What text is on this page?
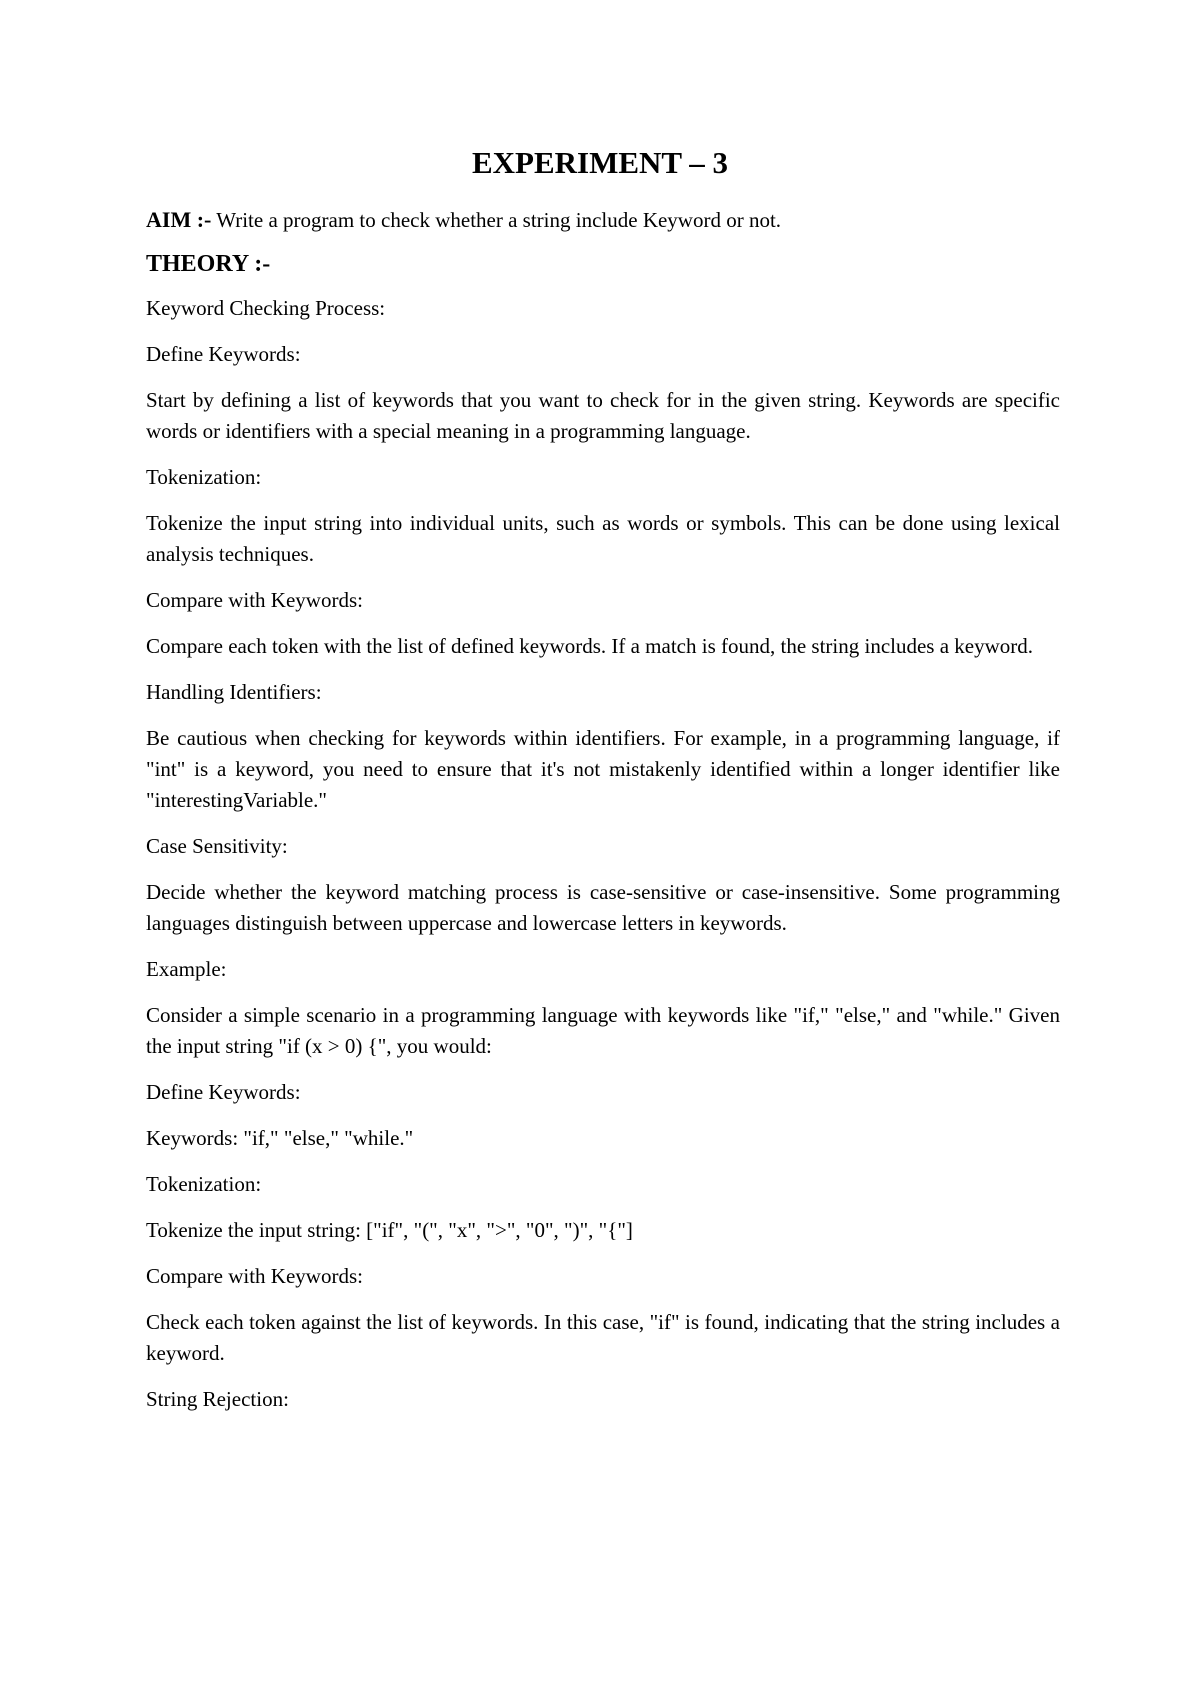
EXPERIMENT – 3

AIM :- Write a program to check whether a string include Keyword or not.

THEORY :-

Keyword Checking Process:

Define Keywords:

Start by defining a list of keywords that you want to check for in the given string. Keywords are specific words or identifiers with a special meaning in a programming language.

Tokenization:

Tokenize the input string into individual units, such as words or symbols. This can be done using lexical analysis techniques.

Compare with Keywords:

Compare each token with the list of defined keywords. If a match is found, the string includes a keyword.

Handling Identifiers:

Be cautious when checking for keywords within identifiers. For example, in a programming language, if "int" is a keyword, you need to ensure that it's not mistakenly identified within a longer identifier like "interestingVariable."

Case Sensitivity:

Decide whether the keyword matching process is case-sensitive or case-insensitive. Some programming languages distinguish between uppercase and lowercase letters in keywords.

Example:

Consider a simple scenario in a programming language with keywords like "if," "else," and "while." Given the input string "if (x > 0) {", you would:

Define Keywords:

Keywords: "if," "else," "while."

Tokenization:

Tokenize the input string: ["if", "(", "x", ">", "0", ")", "{"]

Compare with Keywords:

Check each token against the list of keywords. In this case, "if" is found, indicating that the string includes a keyword.

String Rejection:
